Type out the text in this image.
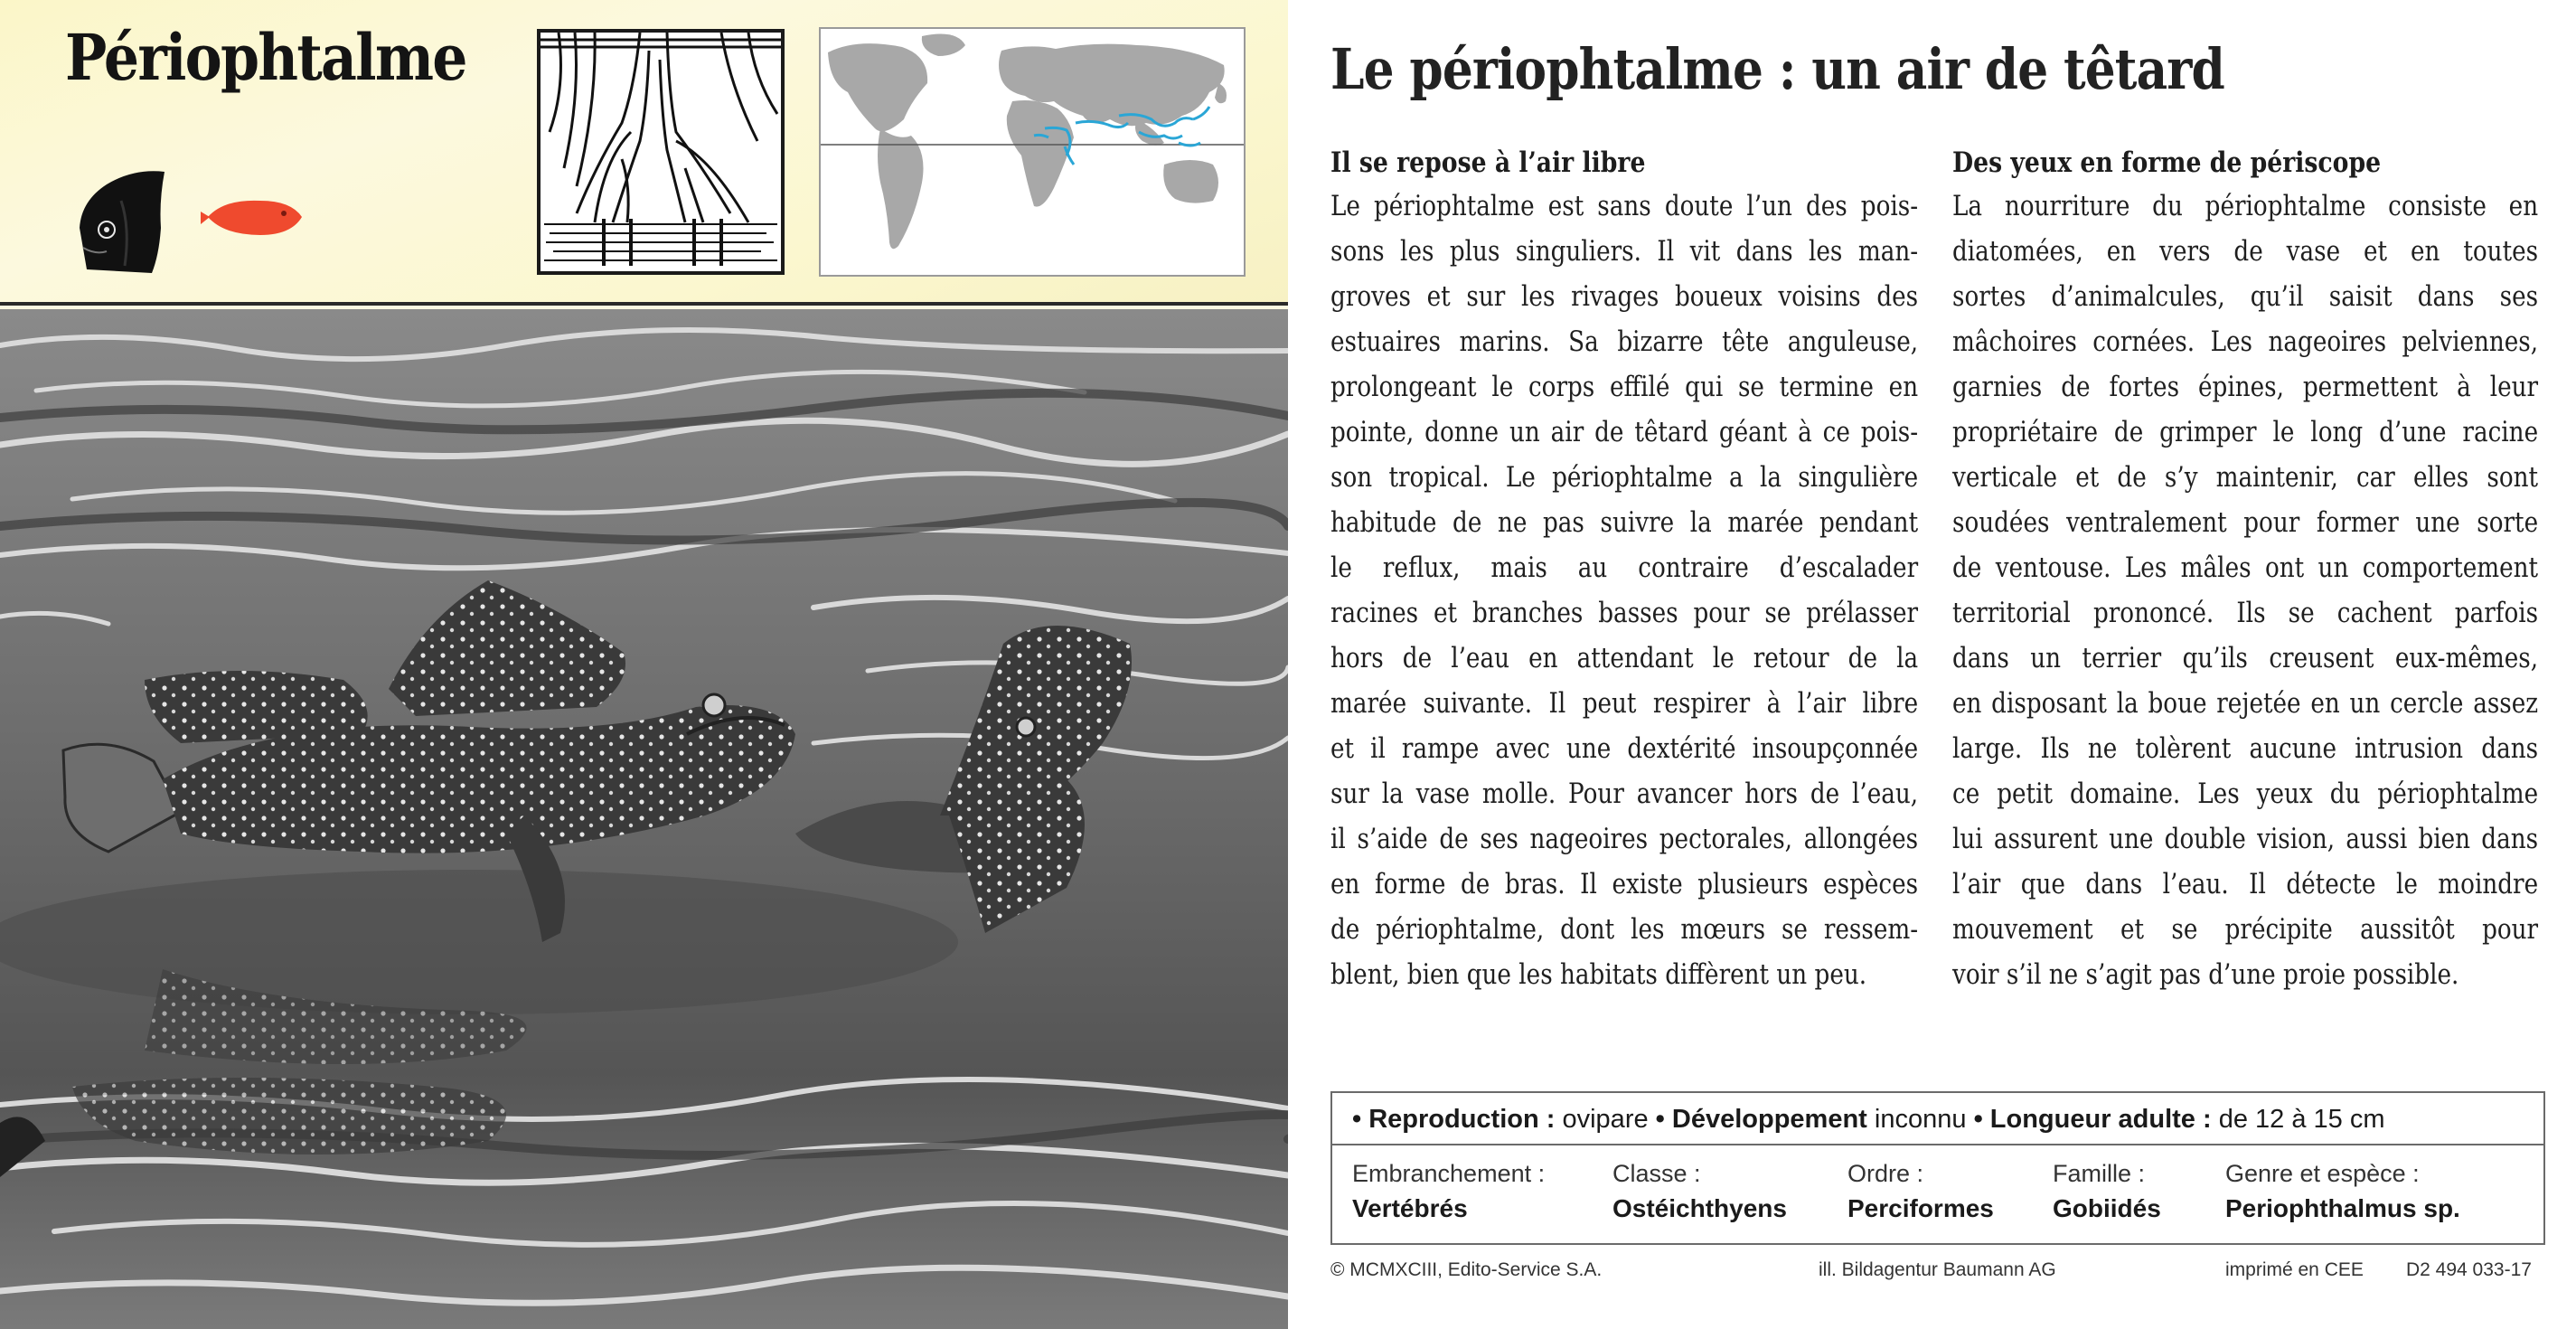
Périophtalme	Le périophtalme : un air de têtard
Il se repose à l’air libre
Le périophtalme est sans doute l’un des pois-
sons les plus singuliers. Il vit dans les man-
groves et sur les rivages boueux voisins des
estuaires marins. Sa bizarre tête anguleuse,
prolongeant le corps effilé qui se termine en
pointe, donne un air de têtard géant à ce pois-
son tropical. Le périophtalme a la singulière
habitude de ne pas suivre la marée pendant
le reflux, mais au contraire d’escalader
racines et branches basses pour se prélasser
hors de l’eau en attendant le retour de la
marée suivante. Il peut respirer à l’air libre
et il rampe avec une dextérité insoupçonnée
sur la vase molle. Pour avancer hors de l’eau,
il s’aide de ses nageoires pectorales, allongées
en forme de bras. Il existe plusieurs espèces
de périophtalme, dont les mœurs se ressem-
blent, bien que les habitats diffèrent un peu.
Des yeux en forme de périscope
La nourriture du périophtalme consiste en
diatomées, en vers de vase et en toutes
sortes d’animalcules, qu’il saisit dans ses
mâchoires cornées. Les nageoires pelviennes,
garnies de fortes épines, permettent à leur
propriétaire de grimper le long d’une racine
verticale et de s’y maintenir, car elles sont
soudées ventralement pour former une sorte
de ventouse. Les mâles ont un comportement
territorial prononcé. Ils se cachent parfois
dans un terrier qu’ils creusent eux-mêmes,
en disposant la boue rejetée en un cercle assez
large. Ils ne tolèrent aucune intrusion dans
ce petit domaine. Les yeux du périophtalme
lui assurent une double vision, aussi bien dans
l’air que dans l’eau. Il détecte le moindre
mouvement et se précipite aussitôt pour
voir s’il ne s’agit pas d’une proie possible.
• Reproduction : ovipare • Développement inconnu • Longueur adulte : de 12 à 15 cm
Embranchement :
Vertébrés
Classe :
Ostéichthyens
Ordre :
Perciformes
Famille :
Gobiidés
Genre et espèce :
Periophthalmus sp.
© MCMXCIII, Edito-Service S.A.	ill. Bildagentur Baumann AG	imprimé en CEE D2 494 033-17
